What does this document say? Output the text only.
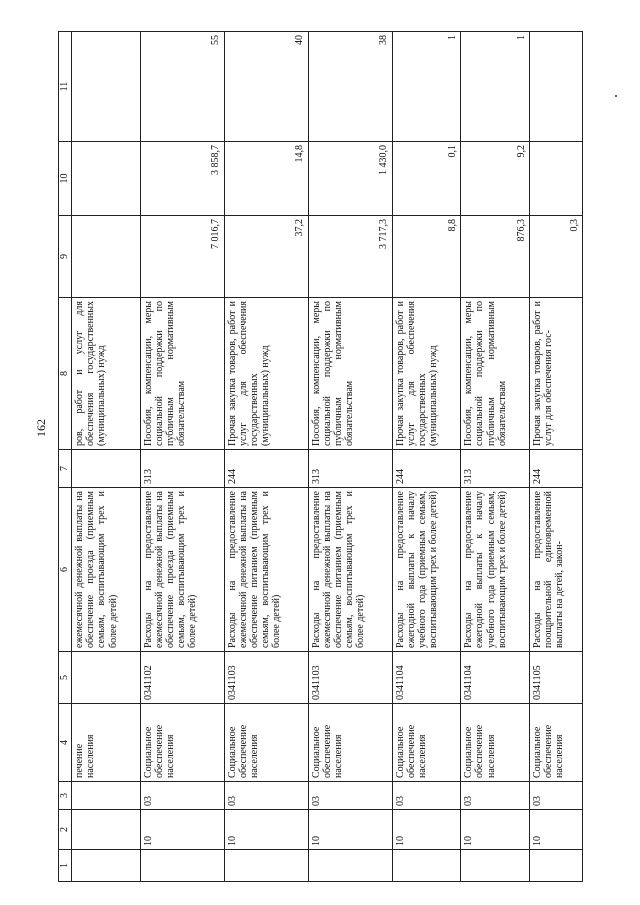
162
1	2	3	4	5	6	7	8	9	10	11
			печение населения		ежемесячной денежной выплаты на обеспечение проезда (приемным семьям, воспитывающим трех и более детей)		ров, работ и услуг для обеспечения государственных (муниципальных) нужд			
	10	03	Социальное обеспечение населения	0341102	Расходы на предоставление ежемесячной денежной выплаты на обеспечение проезда (приемным семьям, воспитывающим трех и более детей)	313	Пособия, компенсации, меры социальной поддержки по публичным нормативным обязательствам	7 016,7	3 858,7	55
	10	03	Социальное обеспечение населения	0341103	Расходы на предоставление ежемесячной денежной выплаты на обеспечение питанием (приемным семьям, воспитывающим трех и более детей)	244	Прочая закупка товаров, работ и услуг для обеспечения государственных (муниципальных) нужд	37,2	14,8	40
	10	03	Социальное обеспечение населения	0341103	Расходы на предоставление ежемесячной денежной выплаты на обеспечение питанием (приемным семьям, воспитывающим трех и более детей)	313	Пособия, компенсации, меры социальной поддержки по публичным нормативным обязательствам	3 717,3	1 430,0	38
	10	03	Социальное обеспечение населения	0341104	Расходы на предоставление ежегодной выплаты к началу учебного года (приемным семьям, воспитывающим трех и более детей)	244	Прочая закупка товаров, работ и услуг для обеспечения государственных (муниципальных) нужд	8,8	0,1	1
	10	03	Социальное обеспечение населения	0341104	Расходы на предоставление ежегодной выплаты к началу учебного года (приемным семьям, воспитывающим трех и более детей)	313	Пособия, компенсации, меры социальной поддержки по публичным нормативным обязательствам	876,3	9,2	1
	10	03	Социальное обеспечение населения	0341105	Расходы на предоставление поощрительной единовременной выплаты на детей, закон-	244	Прочая закупка товаров, работ и услуг для обеспечения гос-	0,3		
